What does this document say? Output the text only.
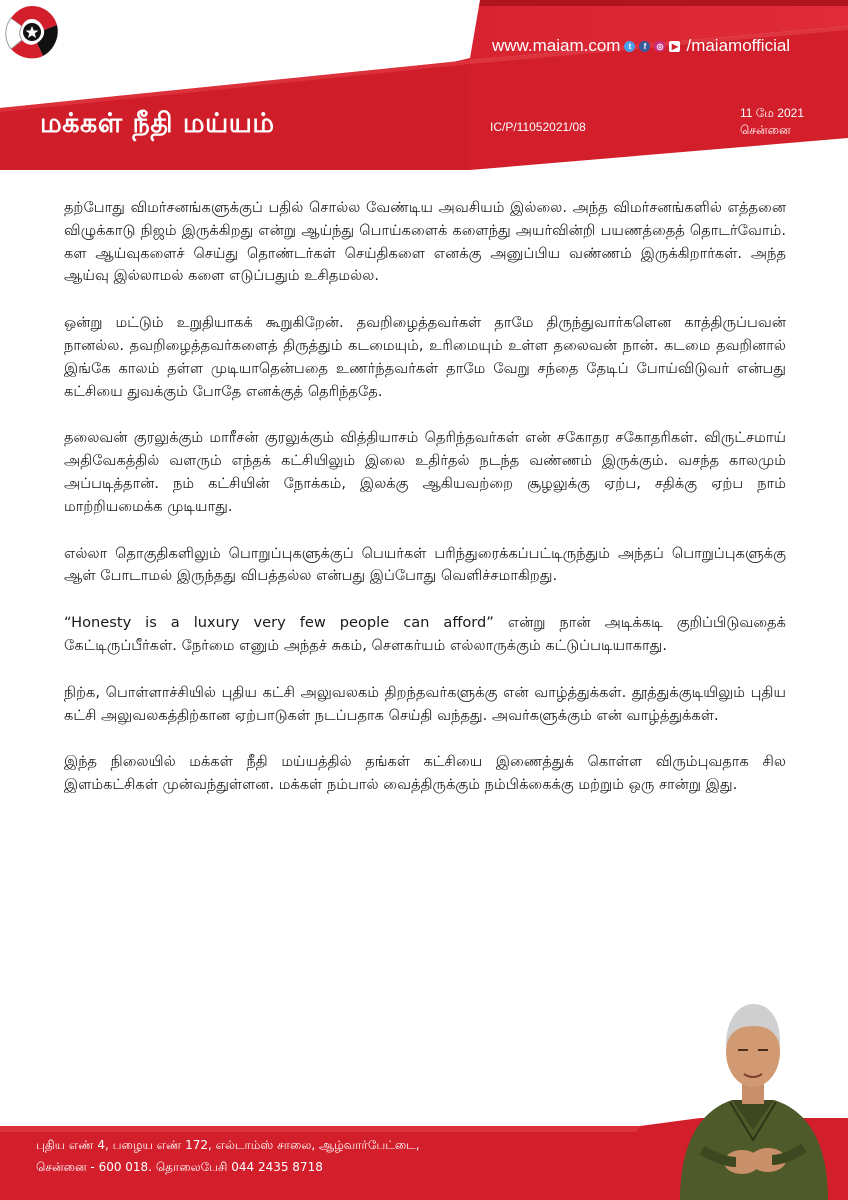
மக்கள் நீதி மய்யம்
www.maiam.com	t	f	◎	▶ /maiamofficial
IC/P/11052021/08
11 மே 2021
சென்னை

தற்போது விமர்சனங்களுக்குப் பதில் சொல்ல வேண்டிய அவசியம் இல்லை. அந்த விமர்சனங்களில் எத்தனை விழுக்காடு நிஜம் இருக்கிறது என்று ஆய்ந்து பொய்களைக் களைந்து அயர்வின்றி பயணத்தைத் தொடர்வோம். கள ஆய்வுகளைச் செய்து தொண்டர்கள் செய்திகளை எனக்கு அனுப்பிய வண்ணம் இருக்கிறார்கள். அந்த ஆய்வு இல்லாமல் களை எடுப்பதும் உசிதமல்ல.

ஒன்று மட்டும் உறுதியாகக் கூறுகிறேன். தவறிழைத்தவர்கள் தாமே திருந்துவார்களென காத்திருப்பவன் நானல்ல. தவறிழைத்தவர்களைத் திருத்தும் கடமையும், உரிமையும் உள்ள தலைவன் நான். கடமை தவறினால் இங்கே காலம் தள்ள முடியாதென்பதை உணர்ந்தவர்கள் தாமே வேறு சந்தை தேடிப் போய்விடுவர் என்பது கட்சியை துவக்கும் போதே எனக்குத் தெரிந்ததே.

தலைவன் குரலுக்கும் மாரீசன் குரலுக்கும் வித்தியாசம் தெரிந்தவர்கள் என் சகோதர சகோதரிகள். விருட்சமாய் அதிவேகத்தில் வளரும் எந்தக் கட்சியிலும் இலை உதிர்தல் நடந்த வண்ணம் இருக்கும். வசந்த காலமும் அப்படித்தான். நம் கட்சியின் நோக்கம், இலக்கு ஆகியவற்றை சூழலுக்கு ஏற்ப, சதிக்கு ஏற்ப நாம் மாற்றியமைக்க முடியாது.

எல்லா தொகுதிகளிலும் பொறுப்புகளுக்குப் பெயர்கள் பரிந்துரைக்கப்பட்டிருந்தும் அந்தப் பொறுப்புகளுக்கு ஆள் போடாமல் இருந்தது விபத்தல்ல என்பது இப்போது வெளிச்சமாகிறது.

“Honesty is a luxury very few people can afford” என்று நான் அடிக்கடி குறிப்பிடுவதைக் கேட்டிருப்பீர்கள். நேர்மை எனும் அந்தச் சுகம், சௌகர்யம் எல்லாருக்கும் கட்டுப்படியாகாது.

நிற்க, பொள்ளாச்சியில் புதிய கட்சி அலுவலகம் திறந்தவர்களுக்கு என் வாழ்த்துக்கள். தூத்துக்குடியிலும் புதிய கட்சி அலுவலகத்திற்கான ஏற்பாடுகள் நடப்பதாக செய்தி வந்தது. அவர்களுக்கும் என் வாழ்த்துக்கள்.

இந்த நிலையில் மக்கள் நீதி மய்யத்தில் தங்கள் கட்சியை இணைத்துக் கொள்ள விரும்புவதாக சில இளம்கட்சிகள் முன்வந்துள்ளன. மக்கள் நம்பால் வைத்திருக்கும் நம்பிக்கைக்கு மற்றும் ஒரு சான்று இது.

புதிய எண் 4, பழைய எண் 172, எல்டாம்ஸ் சாலை, ஆழ்வார்பேட்டை,
சென்னை - 600 018. தொலைபேசி 044 2435 8718
